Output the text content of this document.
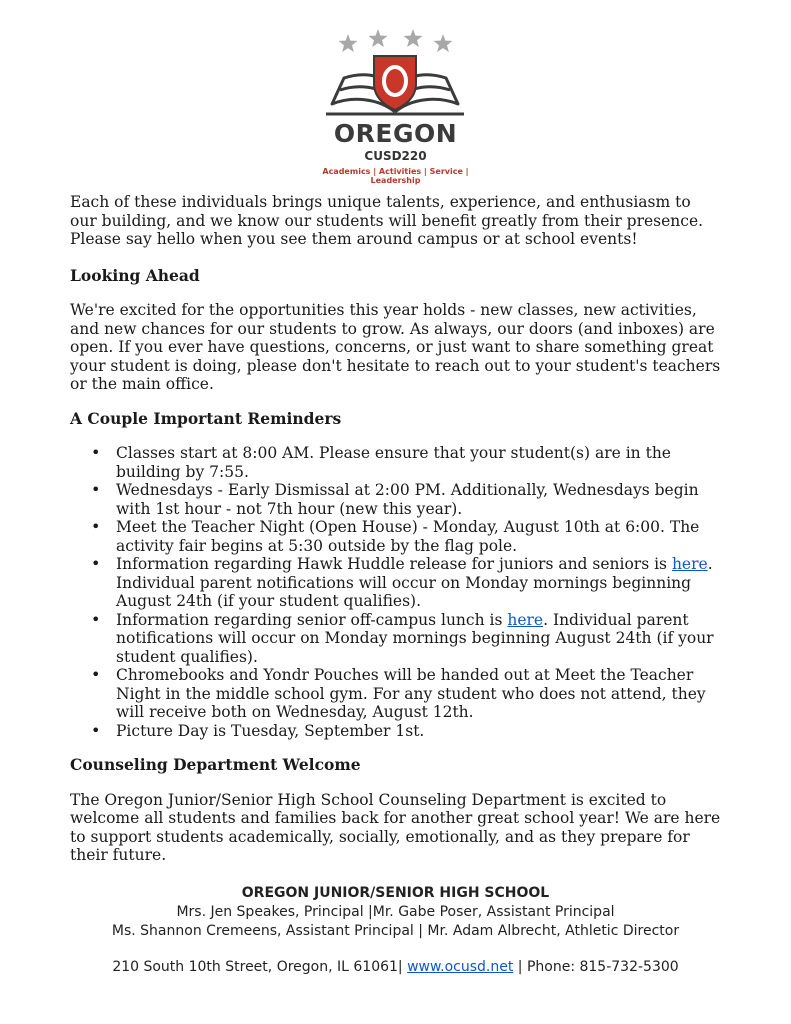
OREGON
CUSD220
Academics | Activities | Service | Leadership

Each of these individuals brings unique talents, experience, and enthusiasm to our building, and we know our students will benefit greatly from their presence. Please say hello when you see them around campus or at school events!

Looking Ahead

We're excited for the opportunities this year holds - new classes, new activities, and new chances for our students to grow. As always, our doors (and inboxes) are open. If you ever have questions, concerns, or just want to share something great your student is doing, please don't hesitate to reach out to your student's teachers or the main office.

A Couple Important Reminders
• Classes start at 8:00 AM. Please ensure that your student(s) are in the building by 7:55.
• Wednesdays - Early Dismissal at 2:00 PM. Additionally, Wednesdays begin with 1st hour - not 7th hour (new this year).
• Meet the Teacher Night (Open House) - Monday, August 10th at 6:00. The activity fair begins at 5:30 outside by the flag pole.
• Information regarding Hawk Huddle release for juniors and seniors is here. Individual parent notifications will occur on Monday mornings beginning August 24th (if your student qualifies).
• Information regarding senior off-campus lunch is here. Individual parent notifications will occur on Monday mornings beginning August 24th (if your student qualifies).
• Chromebooks and Yondr Pouches will be handed out at Meet the Teacher Night in the middle school gym. For any student who does not attend, they will receive both on Wednesday, August 12th.
• Picture Day is Tuesday, September 1st.
Counseling Department Welcome

The Oregon Junior/Senior High School Counseling Department is excited to welcome all students and families back for another great school year! We are here to support students academically, socially, emotionally, and as they prepare for their future.

OREGON JUNIOR/SENIOR HIGH SCHOOL
Mrs. Jen Speakes, Principal |Mr. Gabe Poser, Assistant Principal
Ms. Shannon Cremeens, Assistant Principal | Mr. Adam Albrecht, Athletic Director
210 South 10th Street, Oregon, IL 61061| www.ocusd.net | Phone: 815-732-5300
